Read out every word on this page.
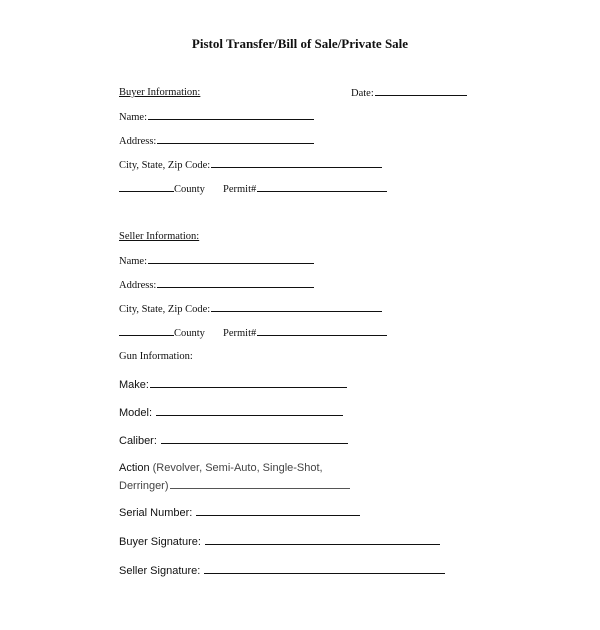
Pistol Transfer/Bill of Sale/Private Sale
Buyer Information:	Date:
Name:
Address:
City, State, Zip Code:
County Permit#
Seller Information:
Name:
Address:
City, State, Zip Code:
County Permit#
Gun Information:
Make:
Model:
Caliber:
Action (Revolver, Semi-Auto, Single-Shot,
Derringer)
Serial Number:
Buyer Signature:
Seller Signature:
